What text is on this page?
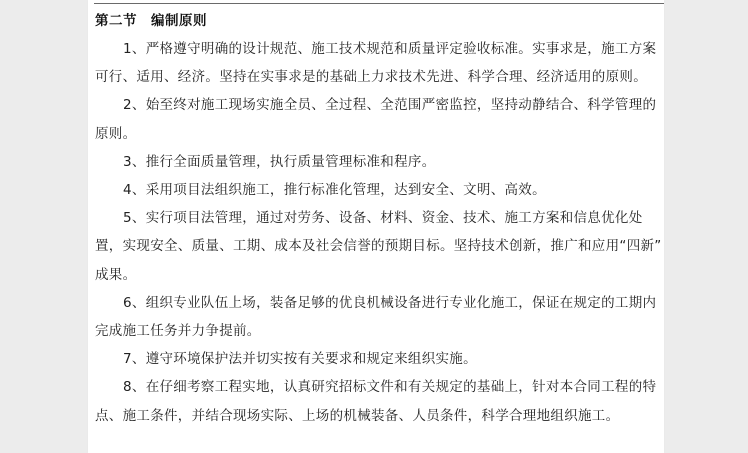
第二节 编制原则

1、严格遵守明确的设计规范、施工技术规范和质量评定验收标准。实事求是，施工方案可行、适用、经济。坚持在实事求是的基础上力求技术先进、科学合理、经济适用的原则。

2、始至终对施工现场实施全员、全过程、全范围严密监控，坚持动静结合、科学管理的原则。

3、推行全面质量管理，执行质量管理标准和程序。

4、采用项目法组织施工，推行标准化管理，达到安全、文明、高效。

5、实行项目法管理，通过对劳务、设备、材料、资金、技术、施工方案和信息优化处置，实现安全、质量、工期、成本及社会信誉的预期目标。坚持技术创新，推广和应用“四新” 成果。

6、组织专业队伍上场，装备足够的优良机械设备进行专业化施工，保证在规定的工期内完成施工任务并力争提前。

7、遵守环境保护法并切实按有关要求和规定来组织实施。

8、在仔细考察工程实地，认真研究招标文件和有关规定的基础上，针对本合同工程的特点、施工条件，并结合现场实际、上场的机械装备、人员条件，科学合理地组织施工。
